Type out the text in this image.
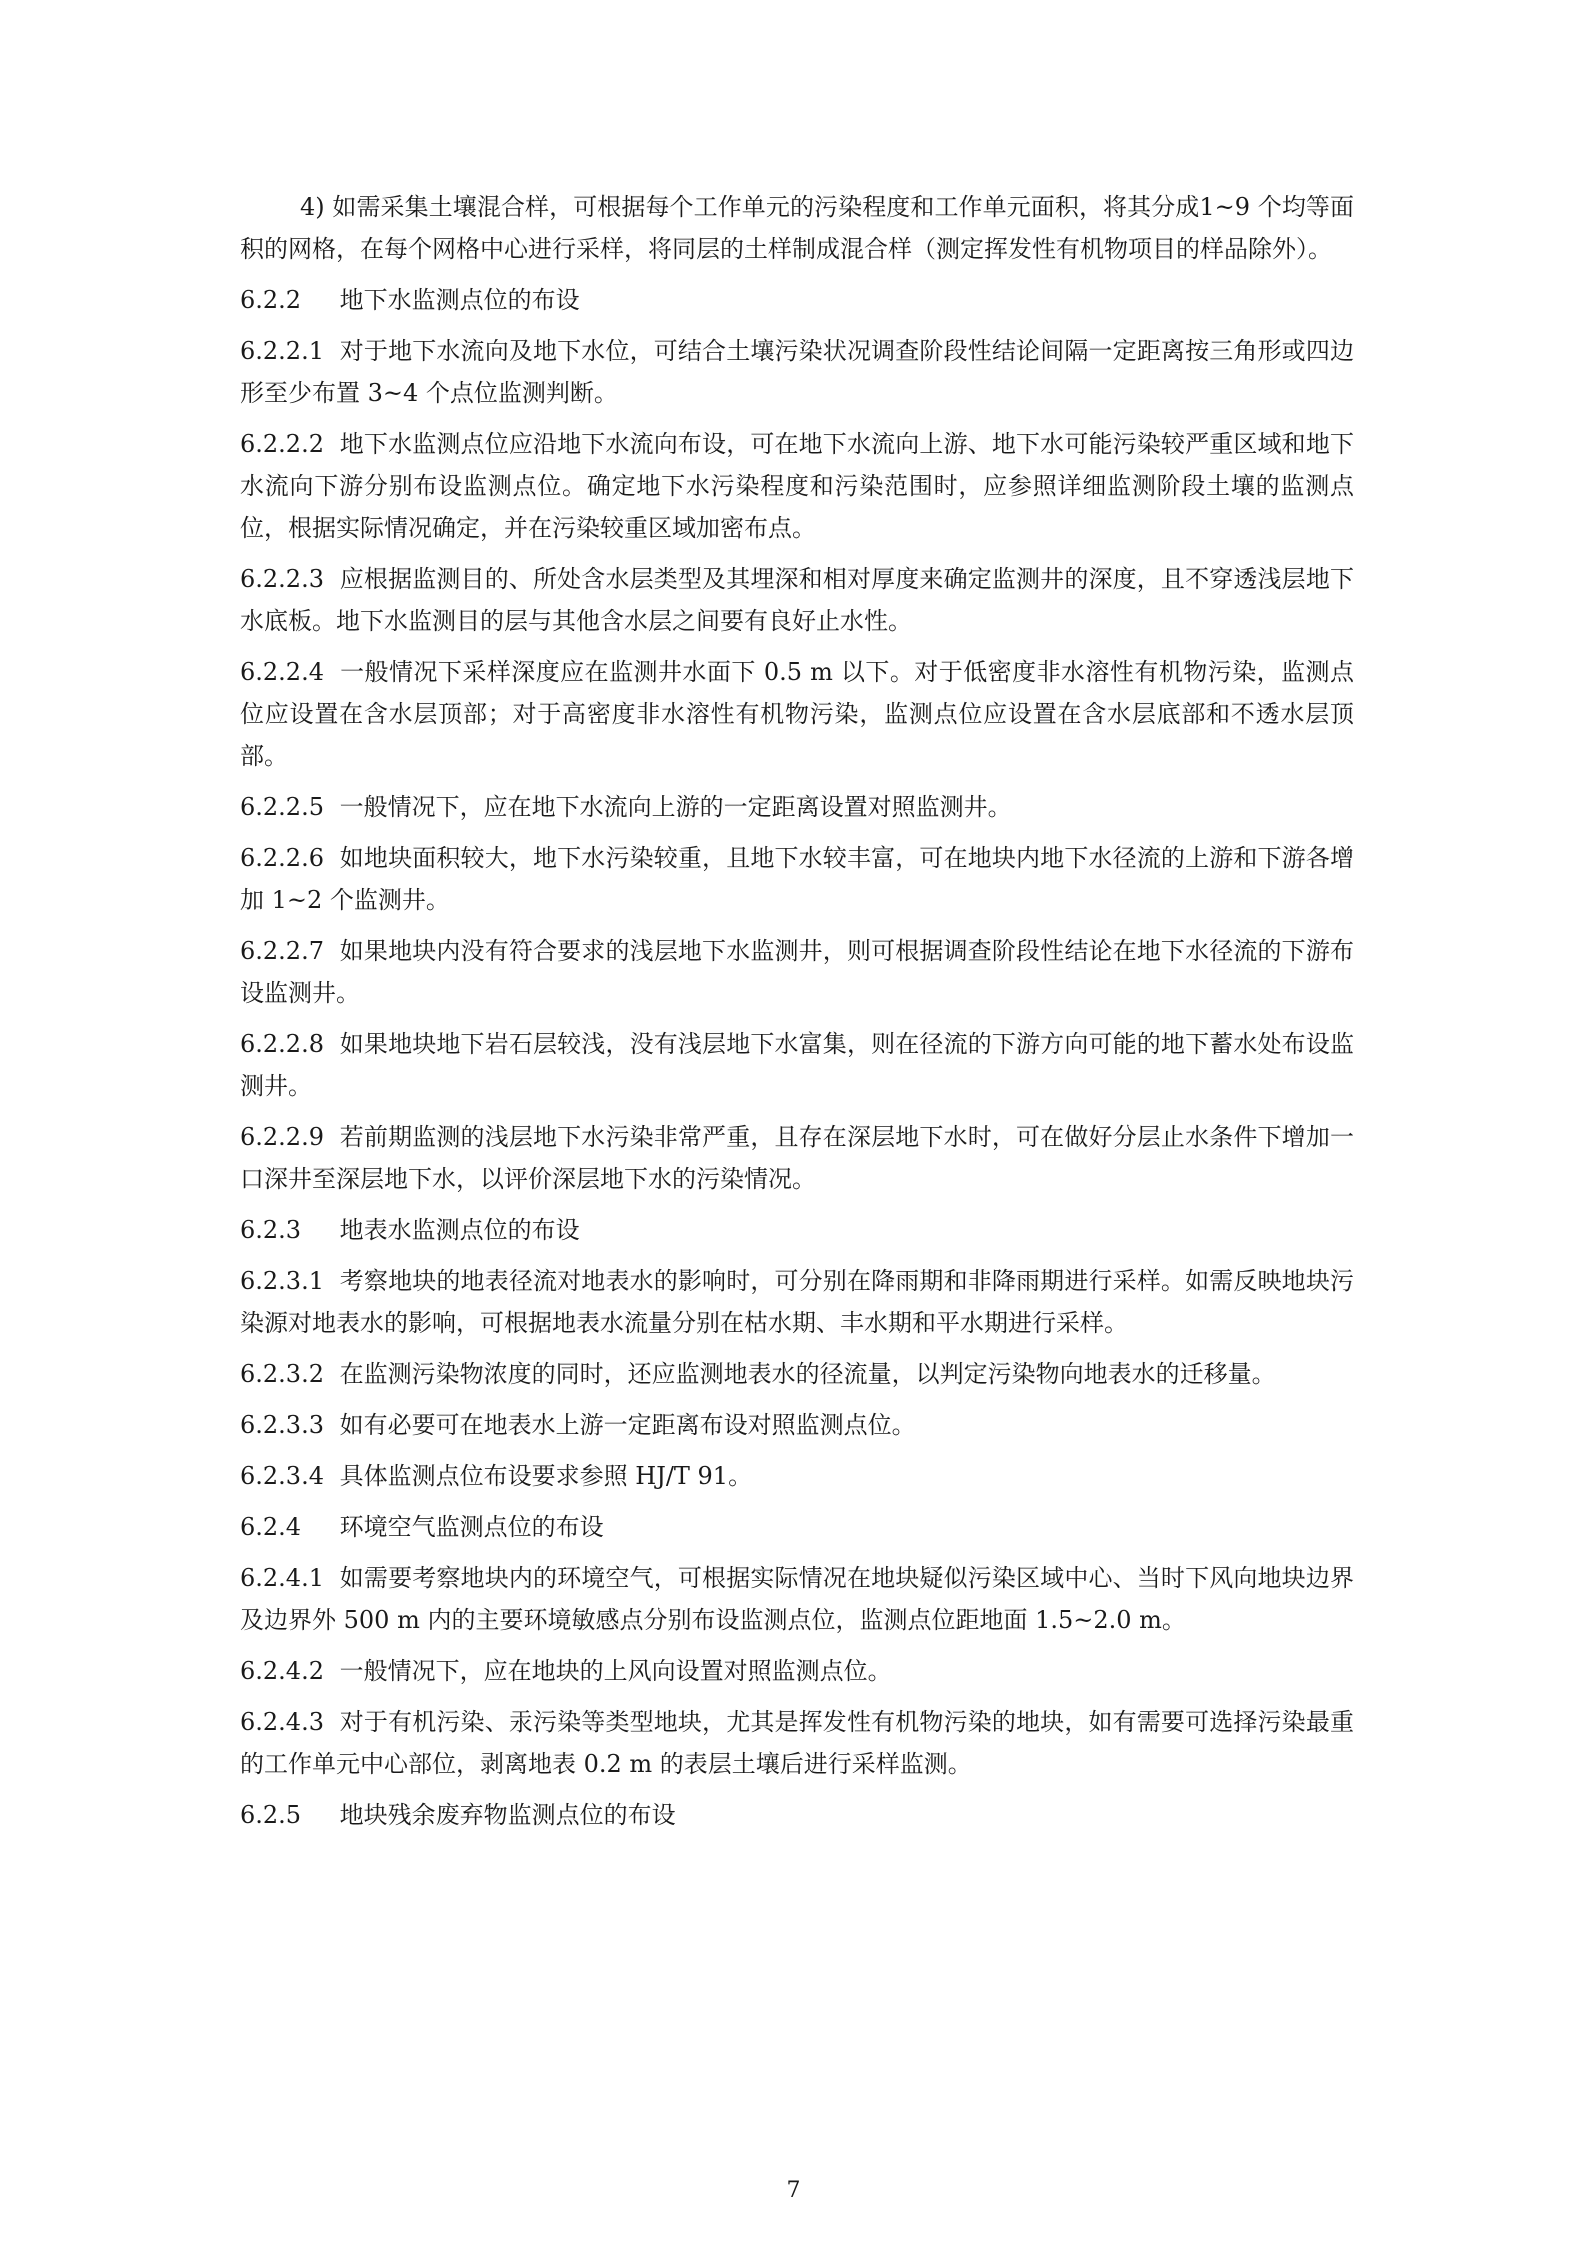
4) 如需采集土壤混合样，可根据每个工作单元的污染程度和工作单元面积，将其分成1~9 个均等面积的网格，在每个网格中心进行采样，将同层的土样制成混合样（测定挥发性有机物项目的样品除外）。
6.2.2 地下水监测点位的布设
6.2.2.1 对于地下水流向及地下水位，可结合土壤污染状况调查阶段性结论间隔一定距离按三角形或四边形至少布置 3~4 个点位监测判断。
6.2.2.2 地下水监测点位应沿地下水流向布设，可在地下水流向上游、地下水可能污染较严重区域和地下水流向下游分别布设监测点位。确定地下水污染程度和污染范围时，应参照详细监测阶段土壤的监测点位，根据实际情况确定，并在污染较重区域加密布点。
6.2.2.3 应根据监测目的、所处含水层类型及其埋深和相对厚度来确定监测井的深度，且不穿透浅层地下水底板。地下水监测目的层与其他含水层之间要有良好止水性。
6.2.2.4 一般情况下采样深度应在监测井水面下 0.5 m 以下。对于低密度非水溶性有机物污染，监测点位应设置在含水层顶部；对于高密度非水溶性有机物污染，监测点位应设置在含水层底部和不透水层顶部。
6.2.2.5 一般情况下，应在地下水流向上游的一定距离设置对照监测井。
6.2.2.6 如地块面积较大，地下水污染较重，且地下水较丰富，可在地块内地下水径流的上游和下游各增加 1~2 个监测井。
6.2.2.7 如果地块内没有符合要求的浅层地下水监测井，则可根据调查阶段性结论在地下水径流的下游布设监测井。
6.2.2.8 如果地块地下岩石层较浅，没有浅层地下水富集，则在径流的下游方向可能的地下蓄水处布设监测井。
6.2.2.9 若前期监测的浅层地下水污染非常严重，且存在深层地下水时，可在做好分层止水条件下增加一口深井至深层地下水，以评价深层地下水的污染情况。
6.2.3 地表水监测点位的布设
6.2.3.1 考察地块的地表径流对地表水的影响时，可分别在降雨期和非降雨期进行采样。如需反映地块污染源对地表水的影响，可根据地表水流量分别在枯水期、丰水期和平水期进行采样。
6.2.3.2 在监测污染物浓度的同时，还应监测地表水的径流量，以判定污染物向地表水的迁移量。
6.2.3.3 如有必要可在地表水上游一定距离布设对照监测点位。
6.2.3.4 具体监测点位布设要求参照 HJ/T 91。
6.2.4 环境空气监测点位的布设
6.2.4.1 如需要考察地块内的环境空气，可根据实际情况在地块疑似污染区域中心、当时下风向地块边界及边界外 500 m 内的主要环境敏感点分别布设监测点位，监测点位距地面 1.5~2.0 m。
6.2.4.2 一般情况下，应在地块的上风向设置对照监测点位。
6.2.4.3 对于有机污染、汞污染等类型地块，尤其是挥发性有机物污染的地块，如有需要可选择污染最重的工作单元中心部位，剥离地表 0.2 m 的表层土壤后进行采样监测。
6.2.5 地块残余废弃物监测点位的布设
7
